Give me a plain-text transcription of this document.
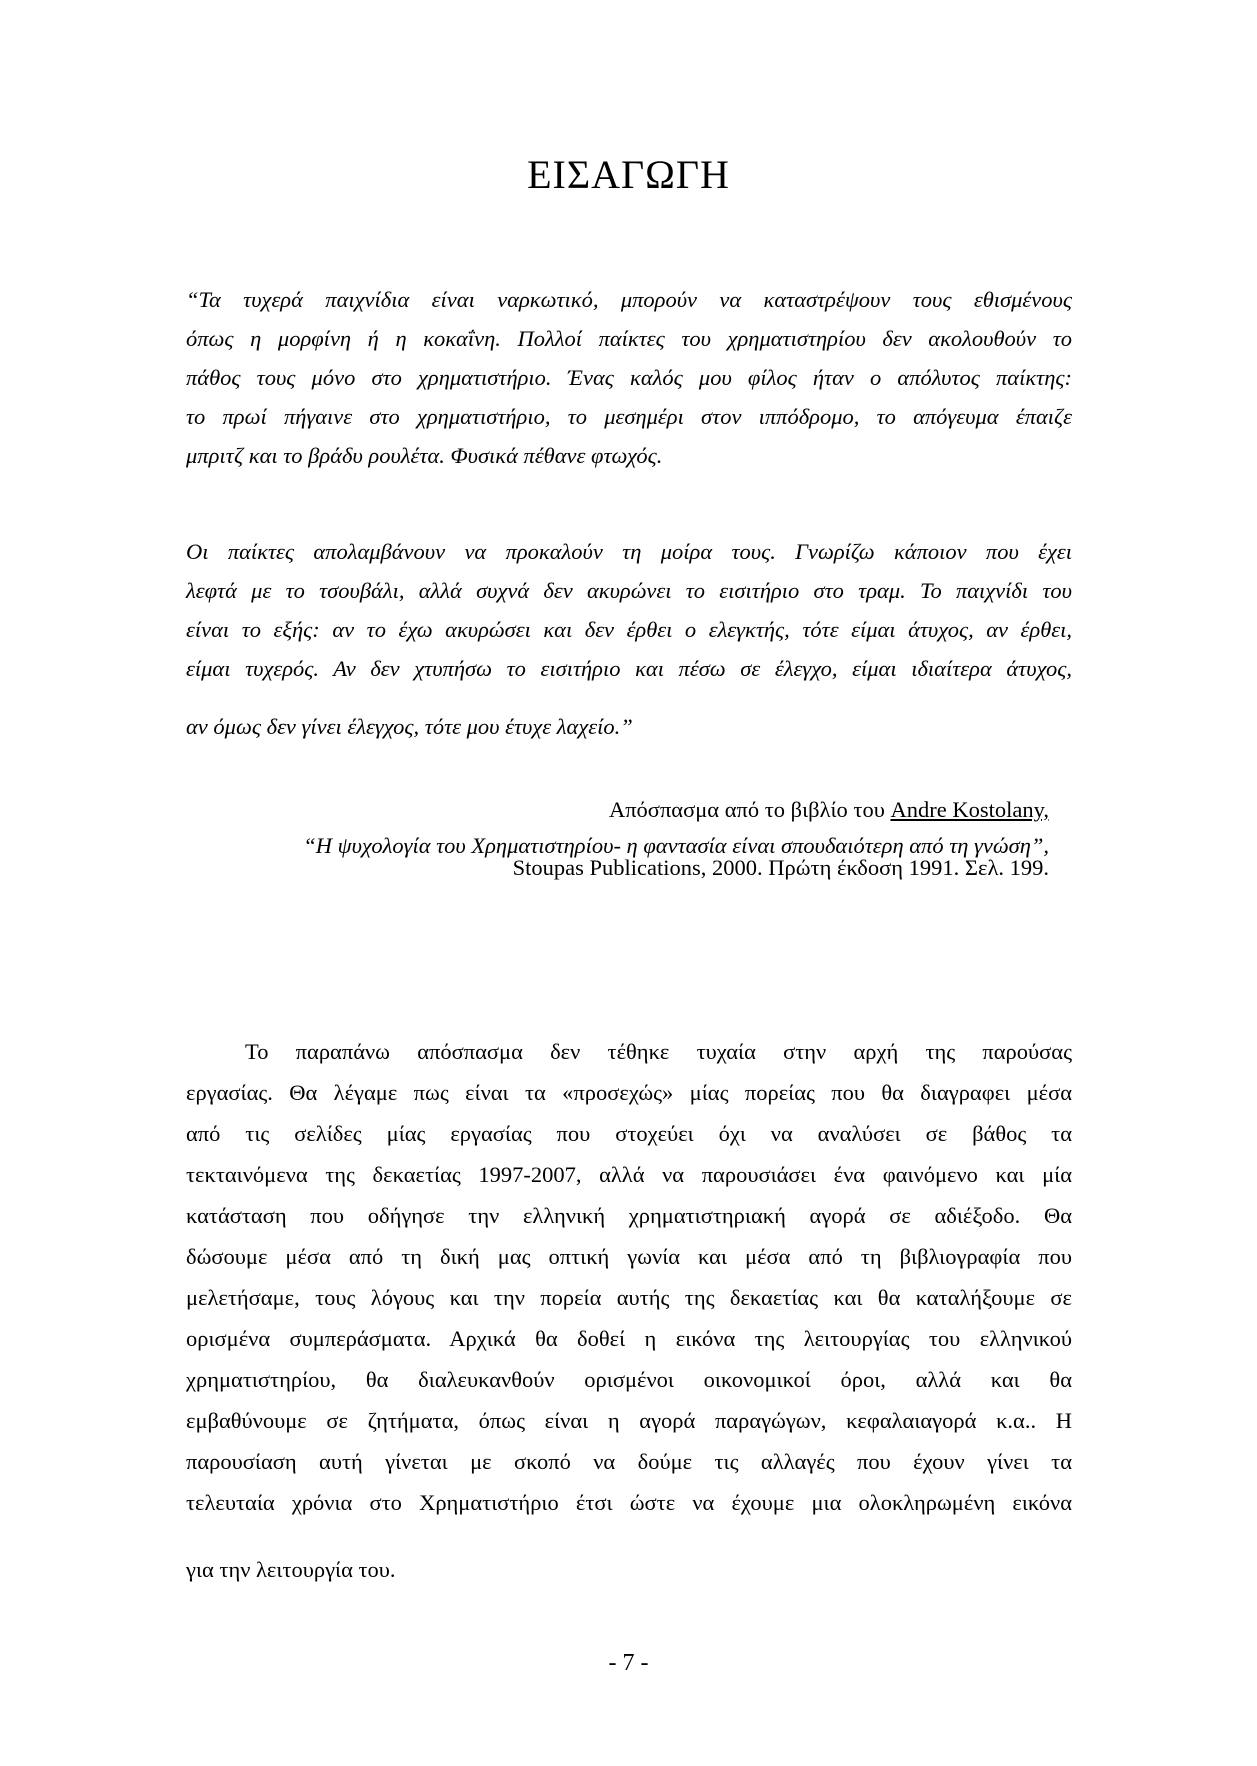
ΕΙΣΑΓΩΓΗ
“Τα τυχερά παιχνίδια είναι ναρκωτικό, μπορούν να καταστρέψουν τους εθισμένους
όπως η μορφίνη ή η κοκαΐνη. Πολλοί παίκτες του χρηματιστηρίου δεν ακολουθούν το
πάθος τους μόνο στο χρηματιστήριο. Ένας καλός μου φίλος ήταν ο απόλυτος παίκτης:
το πρωί πήγαινε στο χρηματιστήριο, το μεσημέρι στον ιππόδρομο, το απόγευμα έπαιζε
μπριτζ και το βράδυ ρουλέτα. Φυσικά πέθανε φτωχός.
Οι παίκτες απολαμβάνουν να προκαλούν τη μοίρα τους. Γνωρίζω κάποιον που έχει
λεφτά με το τσουβάλι, αλλά συχνά δεν ακυρώνει το εισιτήριο στο τραμ. Το παιχνίδι του
είναι το εξής: αν το έχω ακυρώσει και δεν έρθει ο ελεγκτής, τότε είμαι άτυχος, αν έρθει,
είμαι τυχερός. Αν δεν χτυπήσω το εισιτήριο και πέσω σε έλεγχο, είμαι ιδιαίτερα άτυχος,
αν όμως δεν γίνει έλεγχος, τότε μου έτυχε λαχείο.”
Απόσπασμα από το βιβλίο του Andre Kostolany,
“Η ψυχολογία του Χρηματιστηρίου- η φαντασία είναι σπουδαιότερη από τη γνώση”,
Stoupas Publications, 2000. Πρώτη έκδοση 1991. Σελ. 199.
Το παραπάνω απόσπασμα δεν τέθηκε τυχαία στην αρχή της παρούσας
εργασίας. Θα λέγαμε πως είναι τα «προσεχώς» μίας πορείας που θα διαγραφει μέσα
από τις σελίδες μίας εργασίας που στοχεύει όχι να αναλύσει σε βάθος τα
τεκταινόμενα της δεκαετίας 1997-2007, αλλά να παρουσιάσει ένα φαινόμενο και μία
κατάσταση που οδήγησε την ελληνική χρηματιστηριακή αγορά σε αδιέξοδο. Θα
δώσουμε μέσα από τη δική μας οπτική γωνία και μέσα από τη βιβλιογραφία που
μελετήσαμε, τους λόγους και την πορεία αυτής της δεκαετίας και θα καταλήξουμε σε
ορισμένα συμπεράσματα. Αρχικά θα δοθεί η εικόνα της λειτουργίας του ελληνικού
χρηματιστηρίου, θα διαλευκανθούν ορισμένοι οικονομικοί όροι, αλλά και θα
εμβαθύνουμε σε ζητήματα, όπως είναι η αγορά παραγώγων, κεφαλαιαγορά κ.α.. Η
παρουσίαση αυτή γίνεται με σκοπό να δούμε τις αλλαγές που έχουν γίνει τα
τελευταία χρόνια στο Χρηματιστήριο έτσι ώστε να έχουμε μια ολοκληρωμένη εικόνα
για την λειτουργία του.
- 7 -
